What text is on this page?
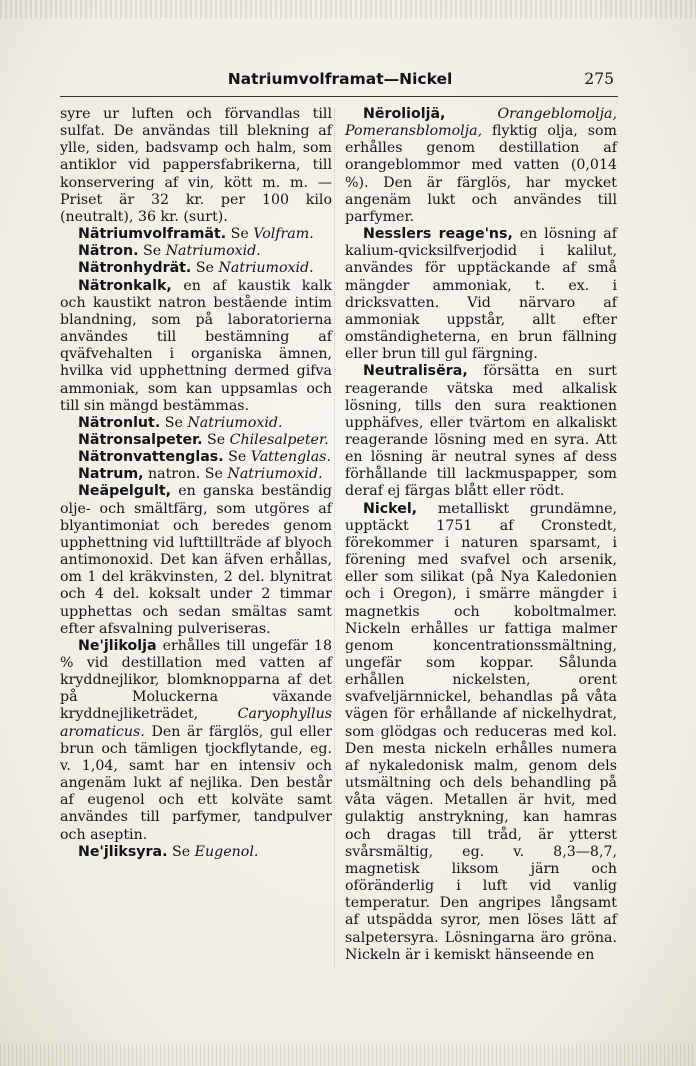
Natriumvolframat—Nickel	275

syre ur luften och förvandlas till sulfat. De användas till blekning af ylle, siden, badsvamp och halm, som antiklor vid pappersfabrikerna, till konservering af vin, kött m. m. — Priset är 32 kr. per 100 kilo (neutralt), 36 kr. (surt).

Nätriumvolframät. Se Volfram.

Nätron. Se Natriumoxid.

Nätronhydrät. Se Natriumoxid.

Nätronkalk, en af kaustik kalk och kaustikt natron bestående intim blandning, som på laboratorierna användes till bestämning af qväfvehalten i organiska ämnen, hvilka vid upphettning dermed gifva ammoniak, som kan uppsamlas och till sin mängd bestämmas.

Nätronlut. Se Natriumoxid.

Nätronsalpeter. Se Chilesalpeter.

Nätronvattenglas. Se Vattenglas.

Natrum, natron. Se Natriumoxid.

Neäpelgult, en ganska beständig olje- och smältfärg, som utgöres af blyantimoniat och beredes genom upphettning vid lufttillträde af blyoch antimonoxid. Det kan äfven erhållas, om 1 del kräkvinsten, 2 del. blynitrat och 4 del. koksalt under 2 timmar upphettas och sedan smältas samt efter afsvalning pulveriseras.

Ne'jlikolja erhålles till ungefär 18 % vid destillation med vatten af kryddnejlikor, blomknopparna af det på Moluckerna växande kryddnejliketrädet, Caryophyllus aromaticus. Den är färglös, gul eller brun och tämligen tjockflytande, eg. v. 1,04, samt har en intensiv och angenäm lukt af nejlika. Den består af eugenol och ett kolväte samt användes till parfymer, tandpulver och aseptin.

Ne'jliksyra. Se Eugenol.

Nërolioljä,	Orangeblomolja, Pomeransblomolja, flyktig olja, som erhålles genom destillation af orangeblommor med vatten (0,014 %). Den är färglös, har mycket angenäm lukt och användes till parfymer.

Nesslers reage'ns, en lösning af kalium-qvicksilfverjodid i kalilut, användes för upptäckande af små mängder ammoniak, t. ex. i dricksvatten. Vid närvaro af ammoniak uppstår, allt efter omständigheterna, en brun fällning eller brun till gul färgning.

Neutralisëra, försätta en surt reagerande vätska med alkalisk lösning, tills den sura reaktionen upphäfves, eller tvärtom en alkaliskt reagerande lösning med en syra. Att en lösning är neutral synes af dess förhållande till lackmuspapper, som deraf ej färgas blått eller rödt.

Nickel, metalliskt grundämne, upptäckt 1751 af Cronstedt, förekommer i naturen sparsamt, i förening med svafvel och arsenik, eller som silikat (på Nya Kaledonien och i Oregon), i smärre mängder i magnetkis och koboltmalmer. Nickeln erhålles ur fattiga malmer genom koncentrationssmältning, ungefär som koppar. Sålunda erhållen nickelsten, orent svafveljärnnickel, behandlas på våta vägen för erhållande af nickelhydrat, som glödgas och reduceras med kol. Den mesta nickeln erhålles numera af nykaledonisk malm, genom dels utsmältning och dels behandling på våta vägen. Metallen är hvit, med gulaktig anstrykning, kan hamras och dragas till tråd, är ytterst svårsmältig, eg. v. 8,3—8,7, magnetisk liksom järn och oföränderlig i luft vid vanlig temperatur. Den angripes långsamt af utspädda syror, men löses lätt af salpetersyra. Lösningarna äro gröna. Nickeln är i kemiskt hänseende en
